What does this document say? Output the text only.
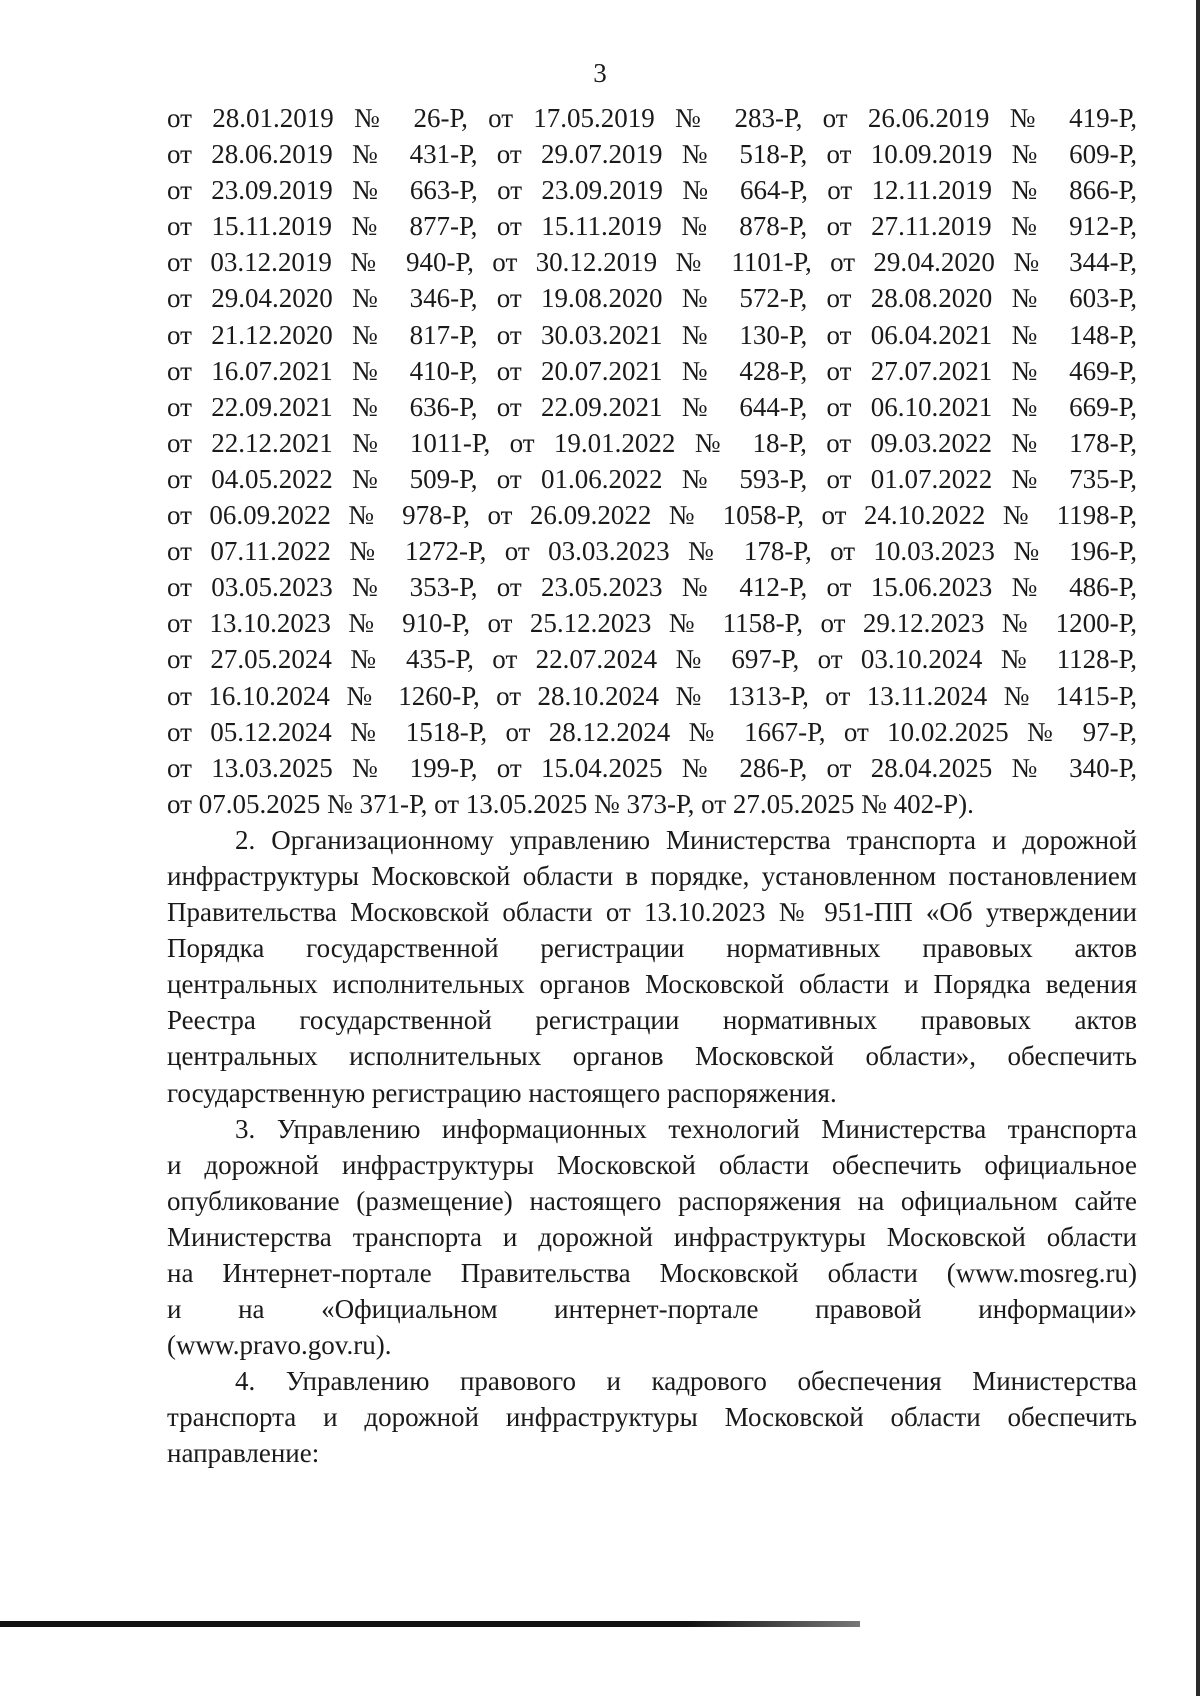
3
от 28.01.2019 № 26-Р, от 17.05.2019 № 283-Р, от 26.06.2019 № 419-Р,
от 28.06.2019 № 431-Р, от 29.07.2019 № 518-Р, от 10.09.2019 № 609-Р,
от 23.09.2019 № 663-Р, от 23.09.2019 № 664-Р, от 12.11.2019 № 866-Р,
от 15.11.2019 № 877-Р, от 15.11.2019 № 878-Р, от 27.11.2019 № 912-Р,
от 03.12.2019 № 940-Р, от 30.12.2019 № 1101-Р, от 29.04.2020 № 344-Р,
от 29.04.2020 № 346-Р, от 19.08.2020 № 572-Р, от 28.08.2020 № 603-Р,
от 21.12.2020 № 817-Р, от 30.03.2021 № 130-Р, от 06.04.2021 № 148-Р,
от 16.07.2021 № 410-Р, от 20.07.2021 № 428-Р, от 27.07.2021 № 469-Р,
от 22.09.2021 № 636-Р, от 22.09.2021 № 644-Р, от 06.10.2021 № 669-Р,
от 22.12.2021 № 1011-Р, от 19.01.2022 № 18-Р, от 09.03.2022 № 178-Р,
от 04.05.2022 № 509-Р, от 01.06.2022 № 593-Р, от 01.07.2022 № 735-Р,
от 06.09.2022 № 978-Р, от 26.09.2022 № 1058-Р, от 24.10.2022 № 1198-Р,
от 07.11.2022 № 1272-Р, от 03.03.2023 № 178-Р, от 10.03.2023 № 196-Р,
от 03.05.2023 № 353-Р, от 23.05.2023 № 412-Р, от 15.06.2023 № 486-Р,
от 13.10.2023 № 910-Р, от 25.12.2023 № 1158-Р, от 29.12.2023 № 1200-Р,
от 27.05.2024 № 435-Р, от 22.07.2024 № 697-Р, от 03.10.2024 № 1128-Р,
от 16.10.2024 № 1260-Р, от 28.10.2024 № 1313-Р, от 13.11.2024 № 1415-Р,
от 05.12.2024 № 1518-Р, от 28.12.2024 № 1667-Р, от 10.02.2025 № 97-Р,
от 13.03.2025 № 199-Р, от 15.04.2025 № 286-Р, от 28.04.2025 № 340-Р,
от 07.05.2025 № 371-Р, от 13.05.2025 № 373-Р, от 27.05.2025 № 402-Р).
2. Организационному управлению Министерства транспорта и дорожной
инфраструктуры Московской области в порядке, установленном постановлением
Правительства Московской области от 13.10.2023 № 951-ПП «Об утверждении
Порядка государственной регистрации нормативных правовых актов
центральных исполнительных органов Московской области и Порядка ведения
Реестра государственной регистрации нормативных правовых актов
центральных исполнительных органов Московской области», обеспечить
государственную регистрацию настоящего распоряжения.
3. Управлению информационных технологий Министерства транспорта
и дорожной инфраструктуры Московской области обеспечить официальное
опубликование (размещение) настоящего распоряжения на официальном сайте
Министерства транспорта и дорожной инфраструктуры Московской области
на Интернет-портале Правительства Московской области (www.mosreg.ru)
и на «Официальном интернет-портале правовой информации»
(www.pravo.gov.ru).
4. Управлению правового и кадрового обеспечения Министерства
транспорта и дорожной инфраструктуры Московской области обеспечить
направление:
